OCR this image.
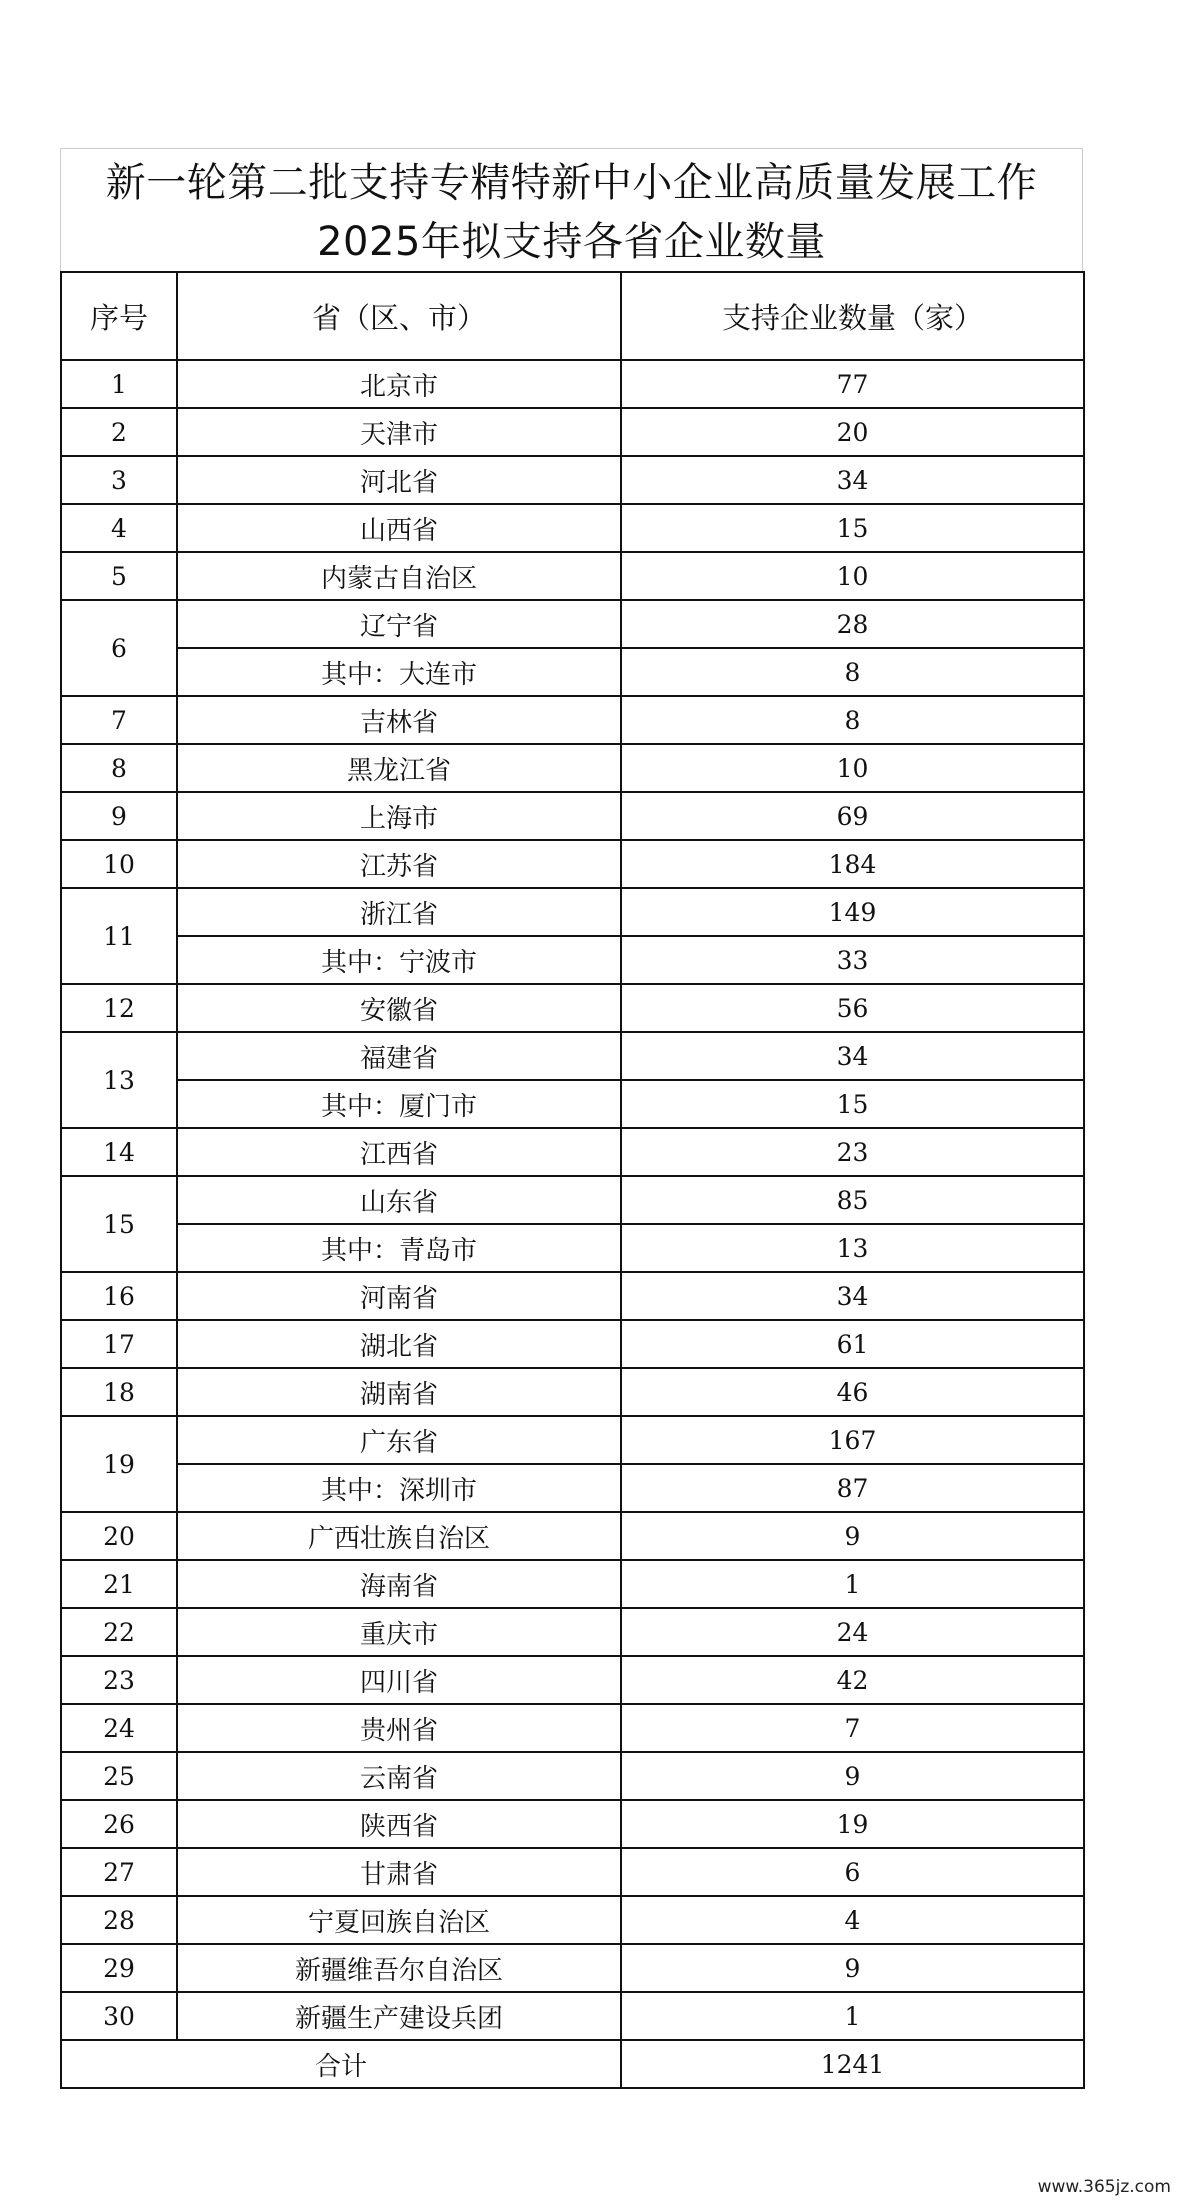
新一轮第二批支持专精特新中小企业高质量发展工作
2025年拟支持各省企业数量
序号	省（区、市）	支持企业数量（家）
1	北京市	77
2	天津市	20
3	河北省	34
4	山西省	15
5	内蒙古自治区	10
6	辽宁省	28
	其中：大连市	8
7	吉林省	8
8	黑龙江省	10
9	上海市	69
10	江苏省	184
11	浙江省	149
	其中：宁波市	33
12	安徽省	56
13	福建省	34
	其中：厦门市	15
14	江西省	23
15	山东省	85
	其中：青岛市	13
16	河南省	34
17	湖北省	61
18	湖南省	46
19	广东省	167
	其中：深圳市	87
20	广西壮族自治区	9
21	海南省	1
22	重庆市	24
23	四川省	42
24	贵州省	7
25	云南省	9
26	陕西省	19
27	甘肃省	6
28	宁夏回族自治区	4
29	新疆维吾尔自治区	9
30	新疆生产建设兵团	1
合计		1241
www.365jz.com
